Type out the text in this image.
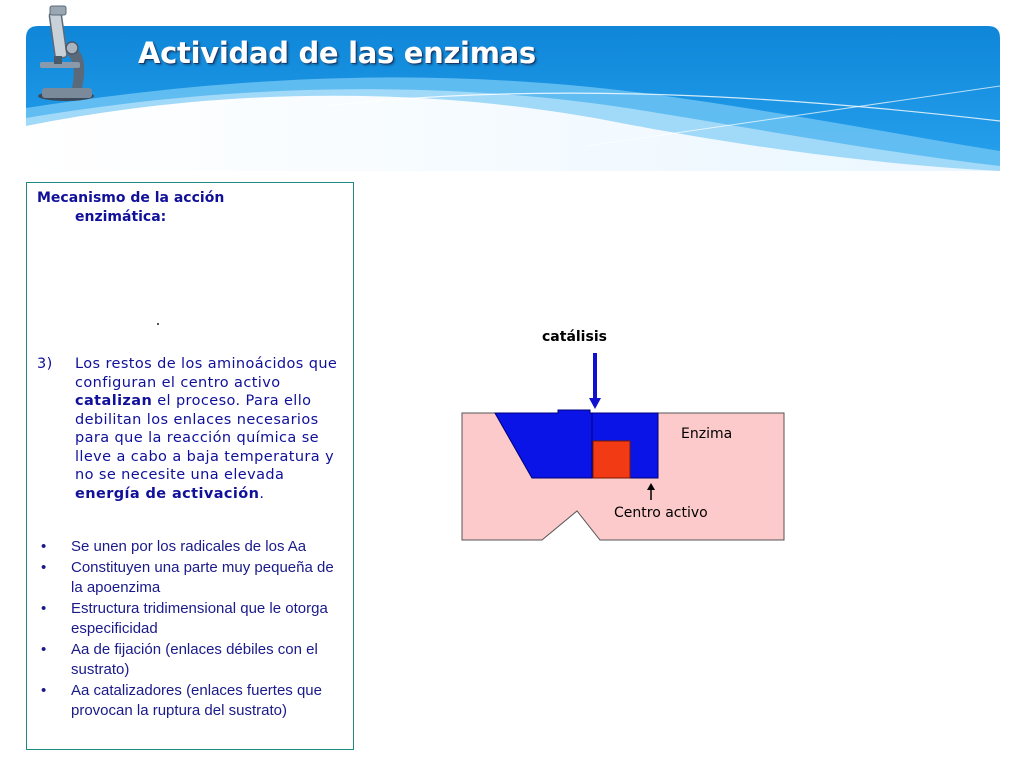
Actividad de las enzimas
Mecanismo de la acción
enzimática:
3)	Los restos de los aminoácidos que configuran el centro activo catalizan el proceso. Para ello debilitan los enlaces necesarios para que la reacción química se lleve a cabo a baja temperatura y no se necesite una elevada energía de activación.
• Se unen por los radicales de los Aa
• Constituyen una parte muy pequeña de la apoenzima
• Estructura tridimensional que le otorga especificidad
• Aa de fijación (enlaces débiles con el sustrato)
• Aa catalizadores (enlaces fuertes que provocan la ruptura del sustrato)
catálisis
Enzima
Centro activo
